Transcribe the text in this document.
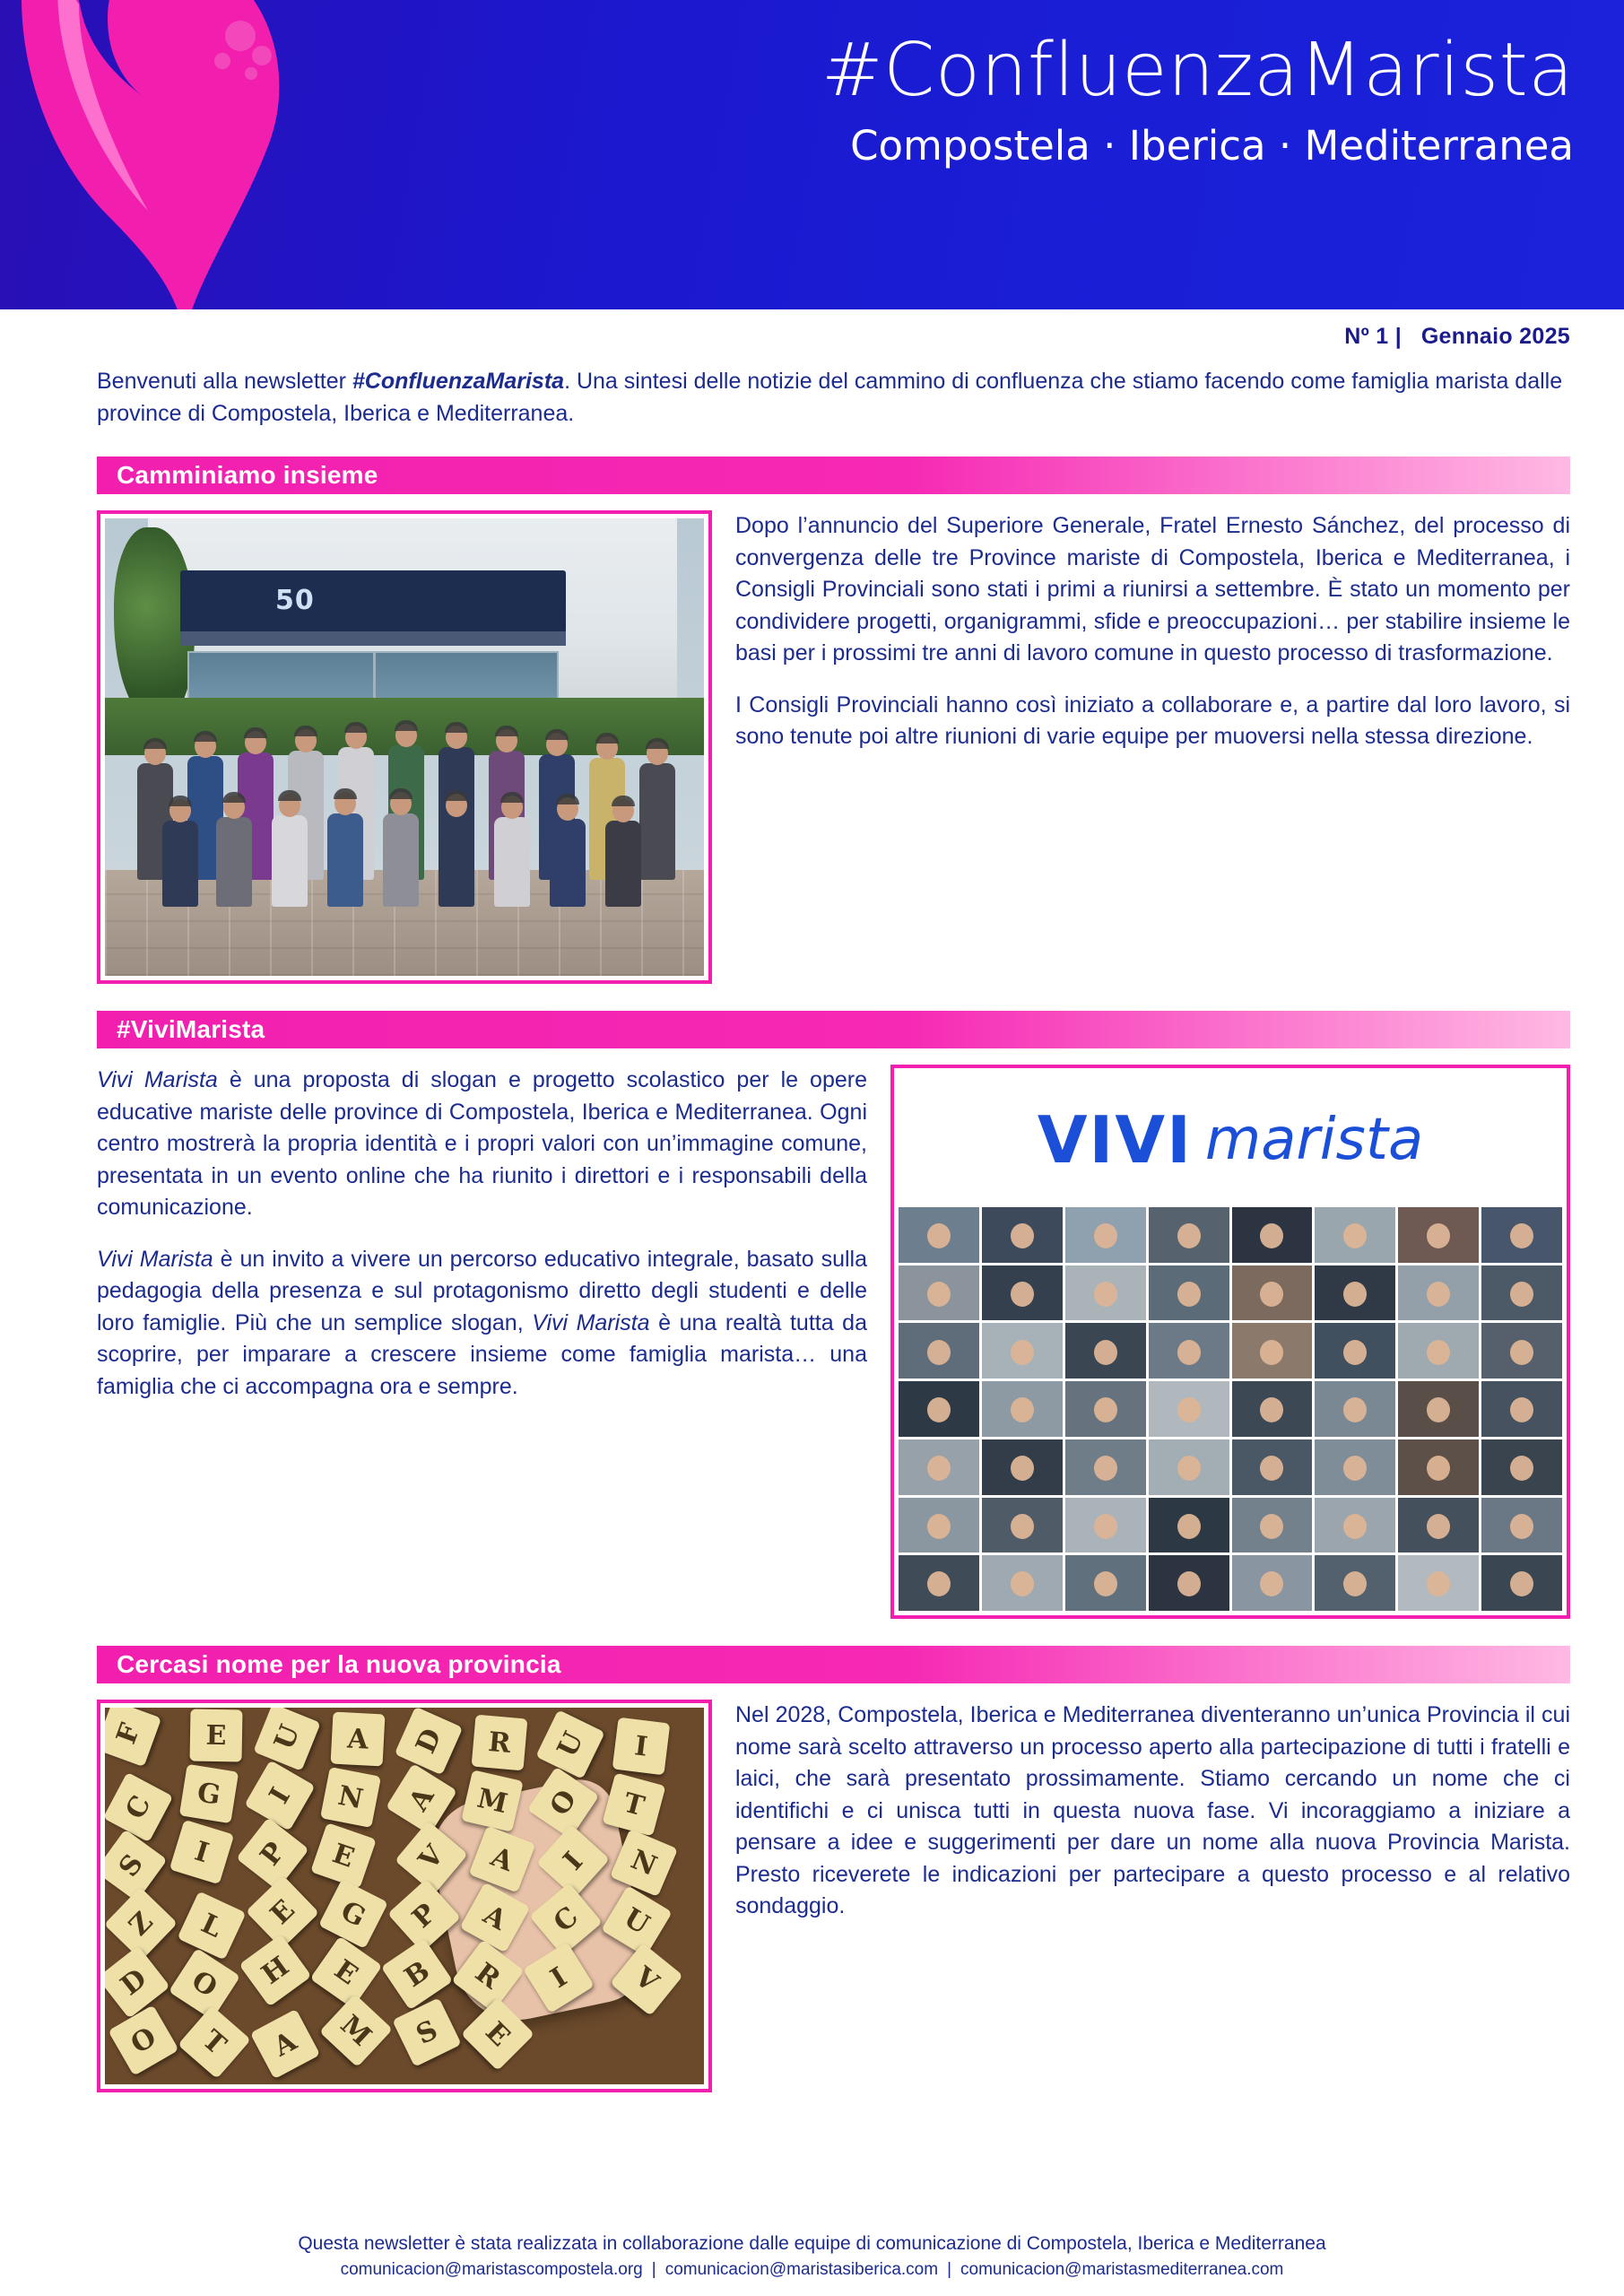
#ConfluenzaMarista
Compostela · Iberica · Mediterranea
Nº 1 | Gennaio 2025
Benvenuti alla newsletter #ConfluenzaMarista. Una sintesi delle notizie del cammino di confluenza che stiamo facendo come famiglia marista dalle province di Compostela, Iberica e Mediterranea.
Camminiamo insieme
50

Dopo l’annuncio del Superiore Generale, Fratel Ernesto Sánchez, del processo di convergenza delle tre Province mariste di Compostela, Iberica e Mediterranea, i Consigli Provinciali sono stati i primi a riunirsi a settembre. È stato un momento per condividere progetti, organigrammi, sfide e preoccupazioni… per stabilire insieme le basi per i prossimi tre anni di lavoro comune in questo processo di trasformazione.

I Consigli Provinciali hanno così iniziato a collaborare e, a partire dal loro lavoro, si sono tenute poi altre riunioni di varie equipe per muoversi nella stessa direzione.

#ViviMarista

Vivi Marista è una proposta di slogan e progetto scolastico per le opere educative mariste delle province di Compostela, Iberica e Mediterranea. Ogni centro mostrerà la propria identità e i propri valori con un’immagine comune, presentata in un evento online che ha riunito i direttori e i responsabili della comunicazione.

Vivi Marista è un invito a vivere un percorso educativo integrale, basato sulla pedagogia della presenza e sul protagonismo diretto degli studenti e delle loro famiglie. Più che un semplice slogan, Vivi Marista è una realtà tutta da scoprire, per imparare a crescere insieme come famiglia marista… una famiglia che ci accompagna ora e sempre.

VIVI marista
Cercasi nome per la nuova provincia
F	E	U	A	D	R	U	I
C	G	I	N	A	M	O	T
S	I	P	E	V	A	I	N
Z	L	E	G	P	A	C	U
D	O	H	E	B	R	I	V
O	T	A	M	S	E

Nel 2028, Compostela, Iberica e Mediterranea diventeranno un’unica Provincia il cui nome sarà scelto attraverso un processo aperto alla partecipazione di tutti i fratelli e laici, che sarà presentato prossimamente. Stiamo cercando un nome che ci identifichi e ci unisca tutti in questa nuova fase. Vi incoraggiamo a iniziare a pensare a idee e suggerimenti per dare un nome alla nuova Provincia Marista. Presto riceverete le indicazioni per partecipare a questo processo e al relativo sondaggio.

Questa newsletter è stata realizzata in collaborazione dalle equipe di comunicazione di Compostela, Iberica e Mediterranea
comunicacion@maristascompostela.org | comunicacion@maristasiberica.com | comunicacion@maristasmediterranea.com
